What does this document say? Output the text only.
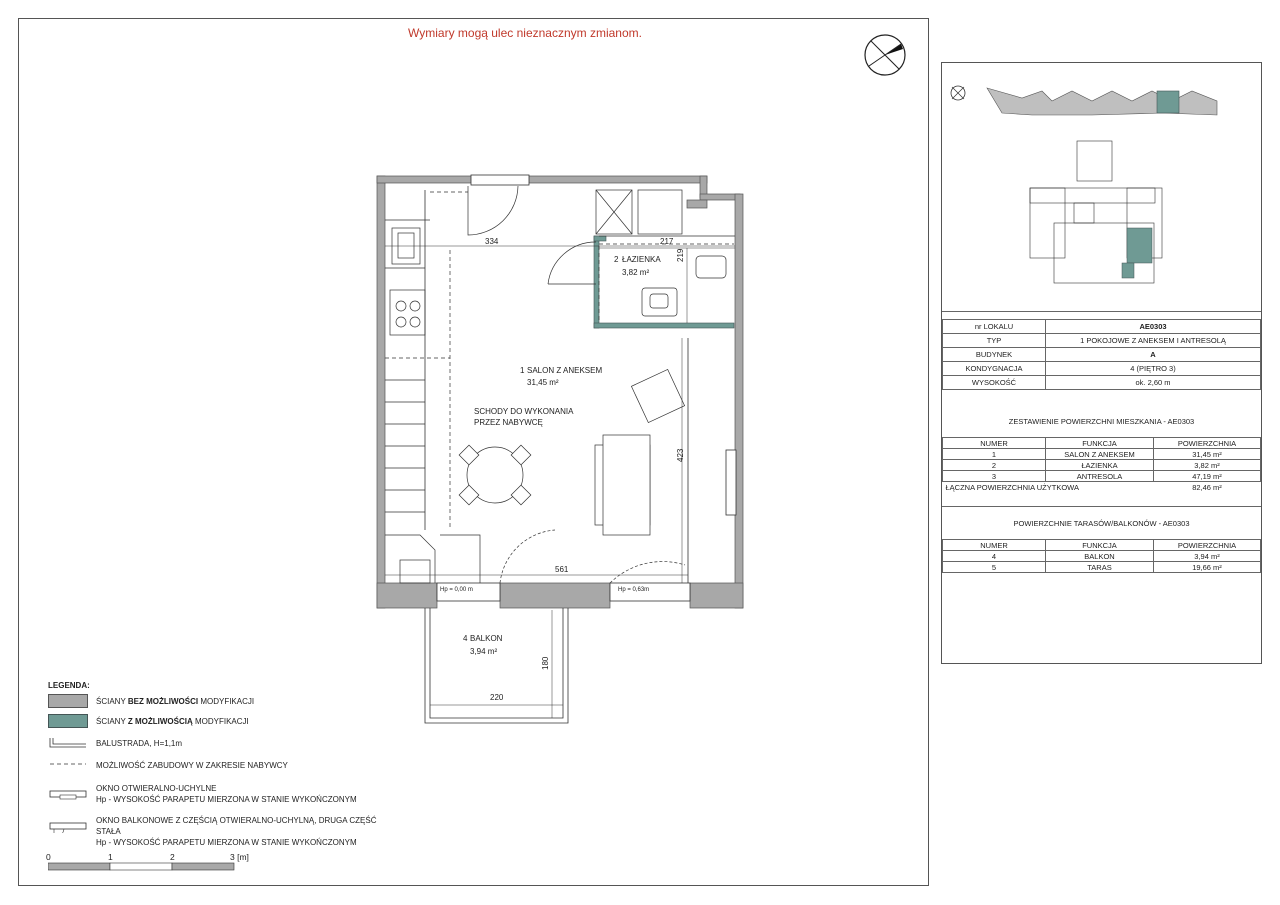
Wymiary mogą ulec nieznacznym zmianom.
334	217
219
423
561
180
220
1 SALON Z ANEKSEM
31,45 m²
2 ŁAZIENKA
3,82 m²
4 BALKON
3,94 m²
SCHODY DO WYKONANIA
PRZEZ NABYWCĘ
Hp = 0,00 m	Hp = 0,63m
nr LOKALU	AE0303
TYP	1 POKOJOWE Z ANEKSEM I ANTRESOLĄ
BUDYNEK	A
KONDYGNACJA	4 (PIĘTRO 3)
WYSOKOŚĆ	ok. 2,60 m
ZESTAWIENIE POWIERZCHNI MIESZKANIA - AE0303
NUMER	FUNKCJA	POWIERZCHNIA
1	SALON Z ANEKSEM	31,45 m²
2	ŁAZIENKA	3,82 m²
3	ANTRESOLA	47,19 m²
ŁĄCZNA POWIERZCHNIA UŻYTKOWA		82,46 m²
POWIERZCHNIE TARASÓW/BALKONÓW - AE0303
NUMER	FUNKCJA	POWIERZCHNIA
4	BALKON	3,94 m²
5	TARAS	19,66 m²
LEGENDA:
ŚCIANY BEZ MOŻLIWOŚCI MODYFIKACJI
ŚCIANY Z MOŻLIWOŚCIĄ MODYFIKACJI
BALUSTRADA, H=1,1m
MOŻLIWOŚĆ ZABUDOWY W ZAKRESIE NABYWCY
OKNO OTWIERALNO-UCHYLNE
Hp - WYSOKOŚĆ PARAPETU MIERZONA W STANIE WYKOŃCZONYM
OKNO BALKONOWE Z CZĘŚCIĄ OTWIERALNO-UCHYLNĄ, DRUGA CZĘŚĆ STAŁA
Hp - WYSOKOŚĆ PARAPETU MIERZONA W STANIE WYKOŃCZONYM
0	1	2	3 [m]
